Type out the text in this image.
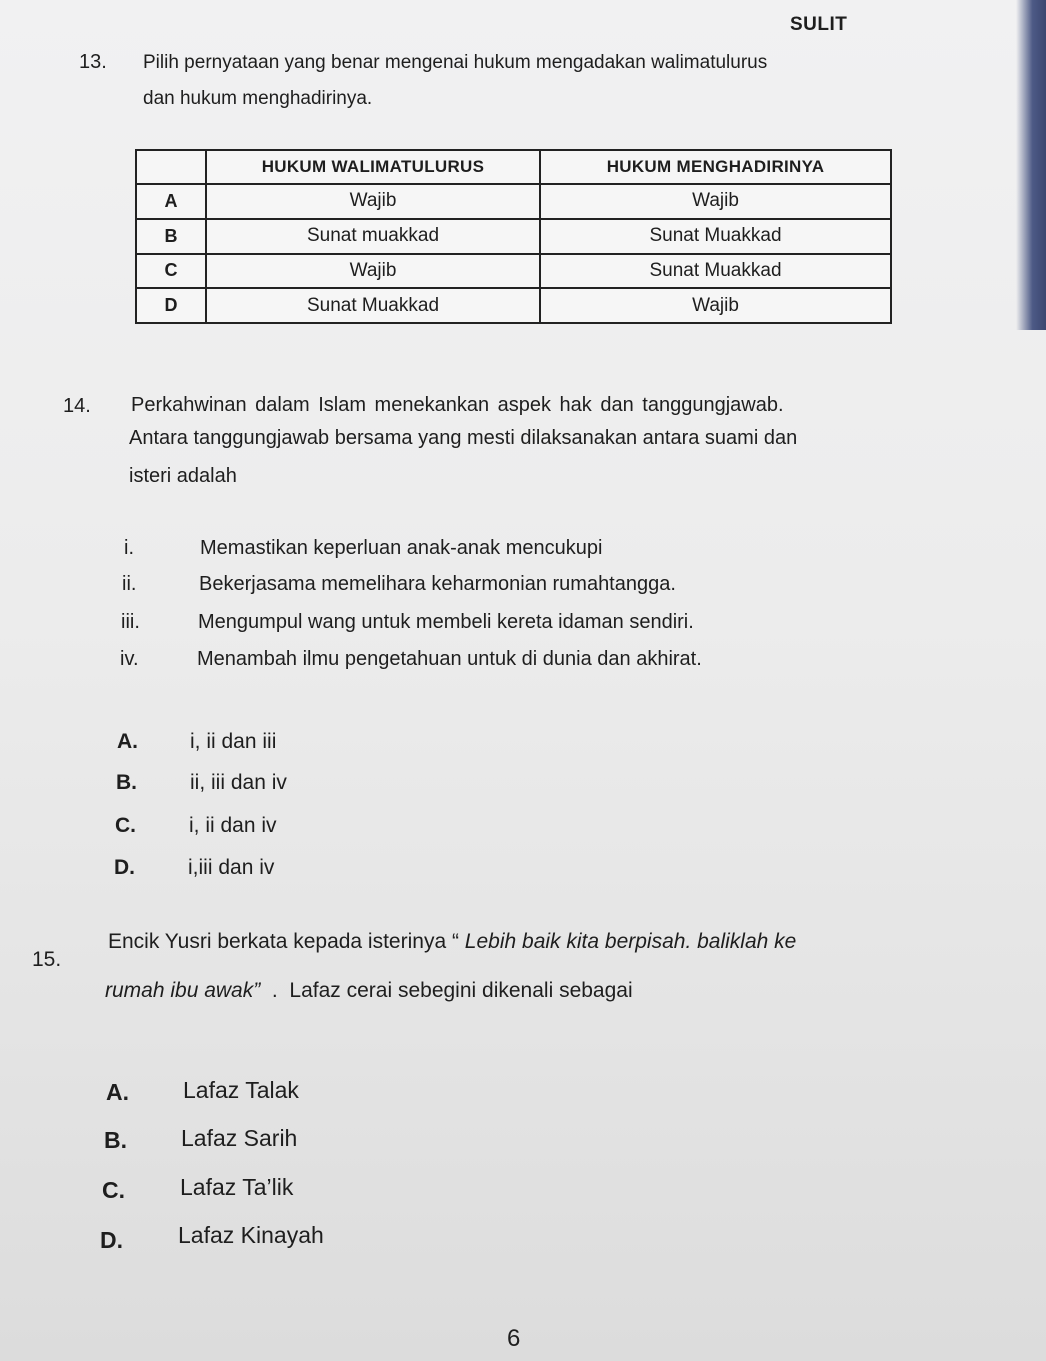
SULIT
13. Pilih pernyataan yang benar mengenai hukum mengadakan walimatulurus
dan hukum menghadirinya.
	HUKUM WALIMATULURUS	HUKUM MENGHADIRINYA
A	Wajib	Wajib
B	Sunat muakkad	Sunat Muakkad
C	Wajib	Sunat Muakkad
D	Sunat Muakkad	Wajib
14. Perkahwinan dalam Islam menekankan aspek hak dan tanggungjawab.
Antara tanggungjawab bersama yang mesti dilaksanakan antara suami dan
isteri adalah
i.	Memastikan keperluan anak-anak mencukupi
ii.	Bekerjasama memelihara keharmonian rumahtangga.
iii.	Mengumpul wang untuk membeli kereta idaman sendiri.
iv.	Menambah ilmu pengetahuan untuk di dunia dan akhirat.
A. i, ii dan iii
B.	ii, iii dan iv
C.	i, ii dan iv
D.	i,iii dan iv
15.
Encik Yusri berkata kepada isterinya “ Lebih baik kita berpisah. baliklah ke
rumah ibu awak”  .  Lafaz cerai sebegini dikenali sebagai
A. Lafaz Talak
B. Lafaz Sarih
C. Lafaz Ta’lik
D. Lafaz Kinayah
6
